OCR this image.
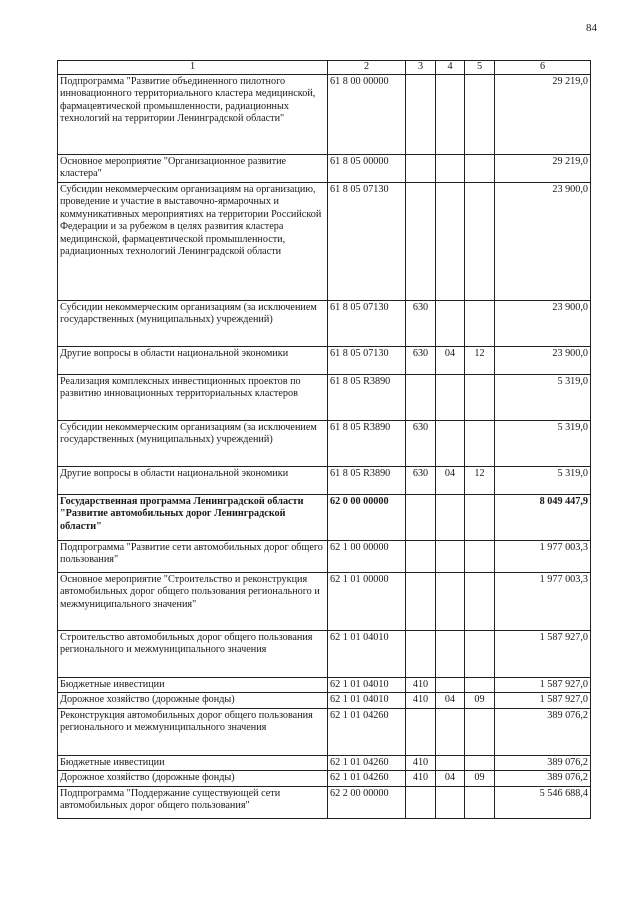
84
1	2	3	4	5	6
Подпрограмма "Развитие объединенного пилотного инновационного территориального кластера медицинской, фармацевтической промышленности, радиационных технологий на территории Ленинградской области"	61 8 00 00000				29 219,0
Основное мероприятие "Организационное развитие кластера"	61 8 05 00000				29 219,0
Субсидии некоммерческим организациям на организацию, проведение и участие в выставочно-ярмарочных и коммуникативных мероприятиях на территории Российской Федерации и за рубежом в целях развития кластера медицинской, фармацевтической промышленности, радиационных технологий Ленинградской области	61 8 05 07130				23 900,0
Субсидии некоммерческим организациям (за исключением государственных (муниципальных) учреждений)	61 8 05 07130	630			23 900,0
Другие вопросы в области национальной экономики	61 8 05 07130	630	04	12	23 900,0
Реализация комплексных инвестиционных проектов по развитию инновационных территориальных кластеров	61 8 05 R3890				5 319,0
Субсидии некоммерческим организациям (за исключением государственных (муниципальных) учреждений)	61 8 05 R3890	630			5 319,0
Другие вопросы в области национальной экономики	61 8 05 R3890	630	04	12	5 319,0
Государственная программа Ленинградской области "Развитие автомобильных дорог Ленинградской области"	62 0 00 00000				8 049 447,9
Подпрограмма "Развитие сети автомобильных дорог общего пользования"	62 1 00 00000				1 977 003,3
Основное мероприятие "Строительство и реконструкция автомобильных дорог общего пользования регионального и межмуниципального значения"	62 1 01 00000				1 977 003,3
Строительство автомобильных дорог общего пользования регионального и межмуниципального значения	62 1 01 04010				1 587 927,0
Бюджетные инвестиции	62 1 01 04010	410			1 587 927,0
Дорожное хозяйство (дорожные фонды)	62 1 01 04010	410	04	09	1 587 927,0
Реконструкция автомобильных дорог общего пользования регионального и межмуниципального значения	62 1 01 04260				389 076,2
Бюджетные инвестиции	62 1 01 04260	410			389 076,2
Дорожное хозяйство (дорожные фонды)	62 1 01 04260	410	04	09	389 076,2
Подпрограмма "Поддержание существующей сети автомобильных дорог общего пользования"	62 2 00 00000				5 546 688,4
